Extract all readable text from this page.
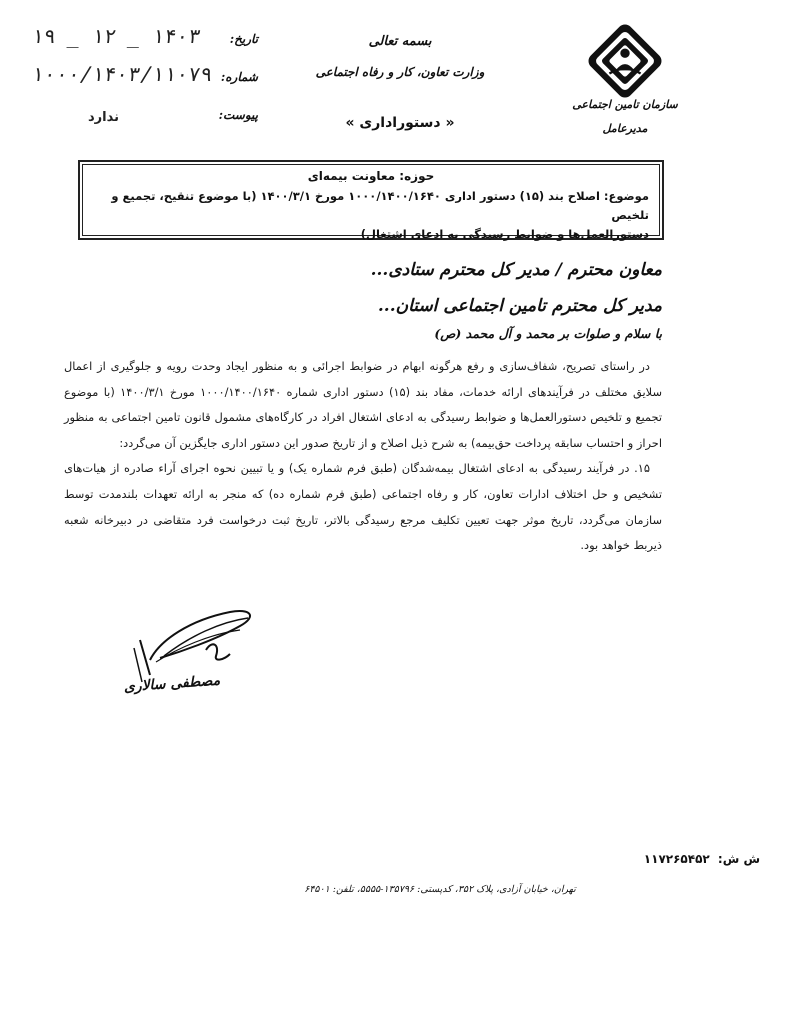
تاریخ:
۱۴۰۳ _ ۱۲ _ ۱۹
شماره:
۱۰۰۰/۱۴۰۳/۱۱۰۷۹
پیوست:
ندارد
بسمه تعالی
وزارت تعاون، کار و رفاه اجتماعی
« دستوراداری »
سازمان تامین اجتماعی
مدیرعامل
حوزه: معاونت بیمه‌ای
موضوع: اصلاح بند (۱۵) دستور اداری ۱۰۰۰/۱۴۰۰/۱۶۴۰ مورخ ۱۴۰۰/۳/۱ (با موضوع تنقیح، تجمیع و تلخیص
دستورالعمل‌ها و ضوابط رسیدگی به ادعای اشتغال)
معاون محترم / مدیر کل محترم ستادی...
مدیر کل محترم تامین اجتماعی استان...
با سلام و صلوات بر محمد و آل محمد (ص)

در راستای تصریح، شفاف‌سازی و رفع هرگونه ابهام در ضوابط اجرائی و به منظور ایجاد وحدت رویه و جلوگیری از اعمال سلایق مختلف در فرآیندهای ارائه خدمات، مفاد بند (۱۵) دستور اداری شماره ۱۰۰۰/۱۴۰۰/۱۶۴۰ مورخ ۱۴۰۰/۳/۱ (با موضوع تجمیع و تلخیص دستورالعمل‌ها و ضوابط رسیدگی به ادعای اشتغال افراد در کارگاه‌های مشمول قانون تامین اجتماعی به منظور احراز و احتساب سابقه پرداخت حق‌بیمه) به شرح ذیل اصلاح و از تاریخ صدور این دستور اداری جایگزین آن می‌گردد:

۱۵. در فرآیند رسیدگی به ادعای اشتغال بیمه‌شدگان (طبق فرم شماره یک) و یا تبیین نحوه اجرای آراء صادره از هیات‌های تشخیص و حل اختلاف ادارات تعاون، کار و رفاه اجتماعی (طبق فرم شماره ده) که منجر به ارائه تعهدات بلندمدت توسط سازمان می‌گردد، تاریخ موثر جهت تعیین تکلیف مرجع رسیدگی بالاتر، تاریخ ثبت درخواست فرد متقاضی در دبیرخانه شعبه ذیربط خواهد بود.

مصطفی سالاری
ش ش: ۱۱۷۲۶۵۴۵۲
تهران، خیابان آزادی، پلاک ۳۵۲، کدپستی: ۱۳۵۷۹۶-۵۵۵۵، تلفن: ۶۴۵۰۱
